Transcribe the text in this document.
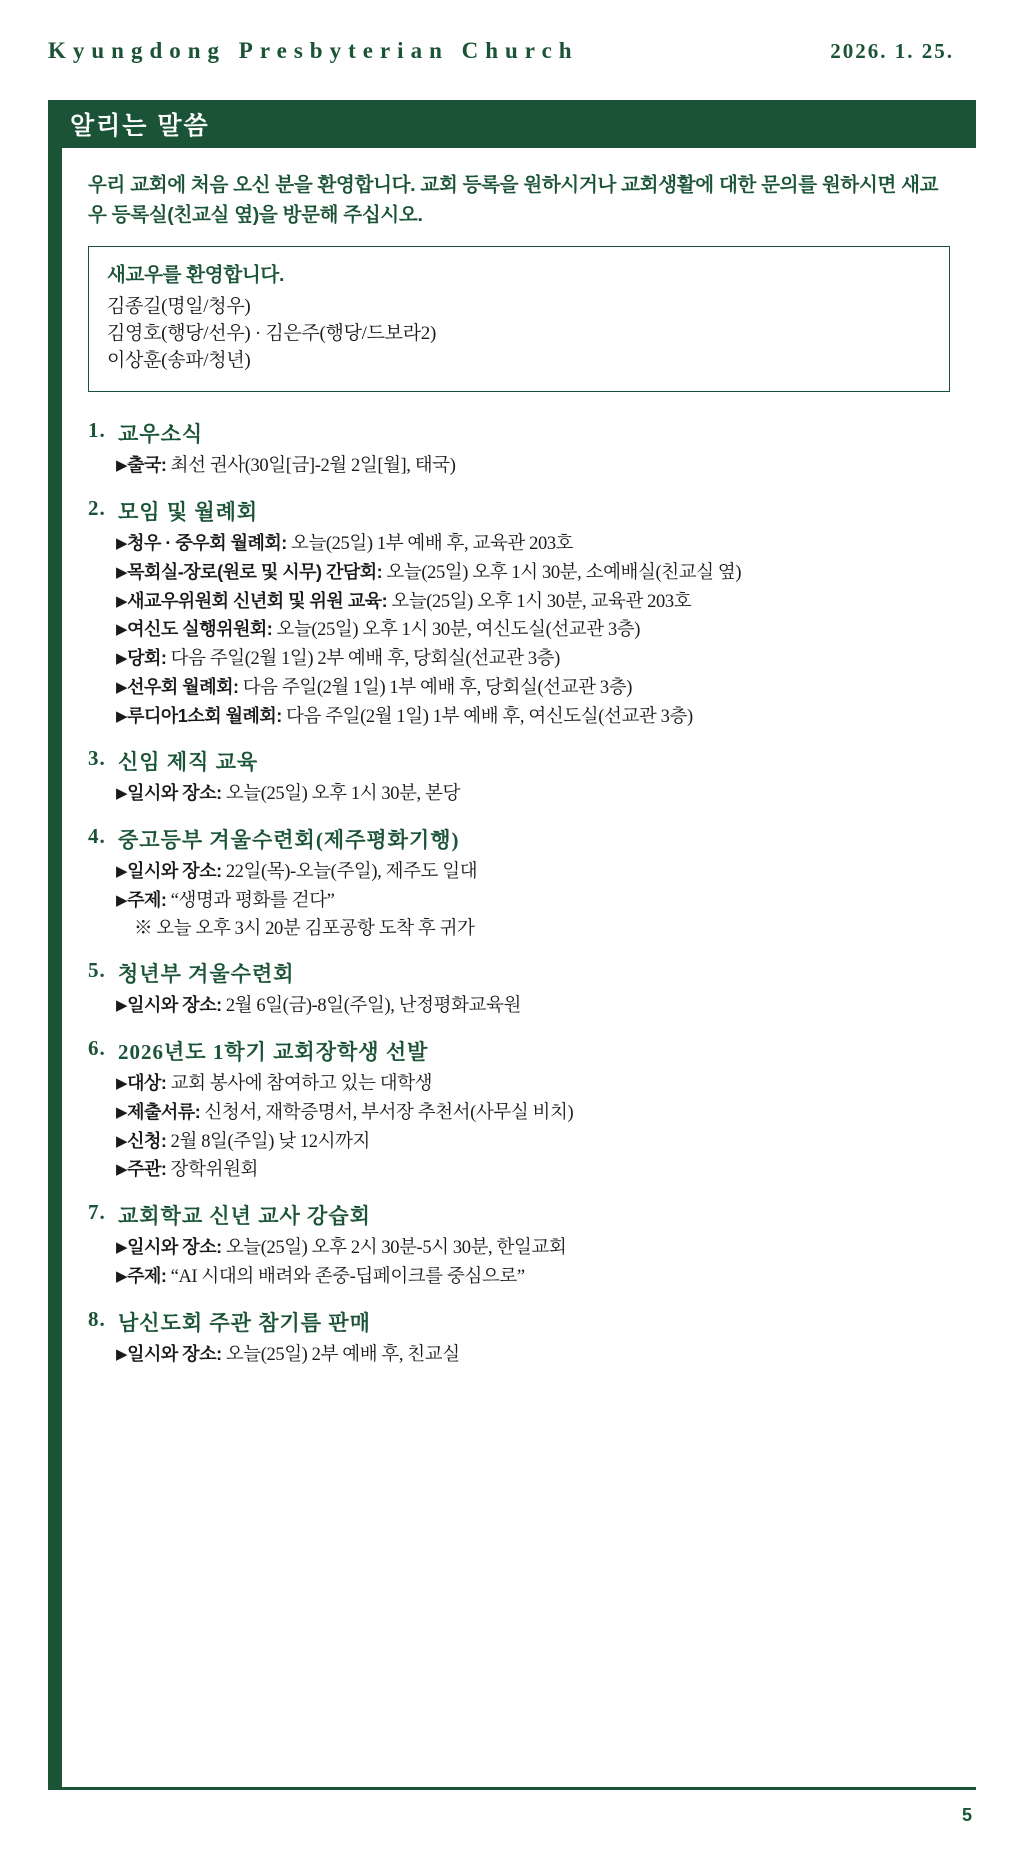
Kyungdong Presbyterian Church	2026. 1. 25.
알리는 말씀
우리 교회에 처음 오신 분을 환영합니다. 교회 등록을 원하시거나 교회생활에 대한 문의를 원하시면 새교우 등록실(친교실 옆)을 방문해 주십시오.
새교우를 환영합니다.
김종길(명일/청우)
김영호(행당/선우) · 김은주(행당/드보라2)
이상훈(송파/청년)
1. 교우소식
▶출국: 최선 권사(30일[금]-2월 2일[월], 태국)
2. 모임 및 월례회
▶청우 · 중우회 월례회: 오늘(25일) 1부 예배 후, 교육관 203호
▶목회실-장로(원로 및 시무) 간담회: 오늘(25일) 오후 1시 30분, 소예배실(친교실 옆)
▶새교우위원회 신년회 및 위원 교육: 오늘(25일) 오후 1시 30분, 교육관 203호
▶여신도 실행위원회: 오늘(25일) 오후 1시 30분, 여신도실(선교관 3층)
▶당회: 다음 주일(2월 1일) 2부 예배 후, 당회실(선교관 3층)
▶선우회 월례회: 다음 주일(2월 1일) 1부 예배 후, 당회실(선교관 3층)
▶루디아1소회 월례회: 다음 주일(2월 1일) 1부 예배 후, 여신도실(선교관 3층)
3. 신임 제직 교육
▶일시와 장소: 오늘(25일) 오후 1시 30분, 본당
4. 중고등부 겨울수련회(제주평화기행)
▶일시와 장소: 22일(목)-오늘(주일), 제주도 일대
▶주제: “생명과 평화를 걷다”
※ 오늘 오후 3시 20분 김포공항 도착 후 귀가
5. 청년부 겨울수련회
▶일시와 장소: 2월 6일(금)-8일(주일), 난정평화교육원
6. 2026년도 1학기 교회장학생 선발
▶대상: 교회 봉사에 참여하고 있는 대학생
▶제출서류: 신청서, 재학증명서, 부서장 추천서(사무실 비치)
▶신청: 2월 8일(주일) 낮 12시까지
▶주관: 장학위원회
7. 교회학교 신년 교사 강습회
▶일시와 장소: 오늘(25일) 오후 2시 30분-5시 30분, 한일교회
▶주제: “AI 시대의 배려와 존중-딥페이크를 중심으로”
8. 남신도회 주관 참기름 판매
▶일시와 장소: 오늘(25일) 2부 예배 후, 친교실
5
